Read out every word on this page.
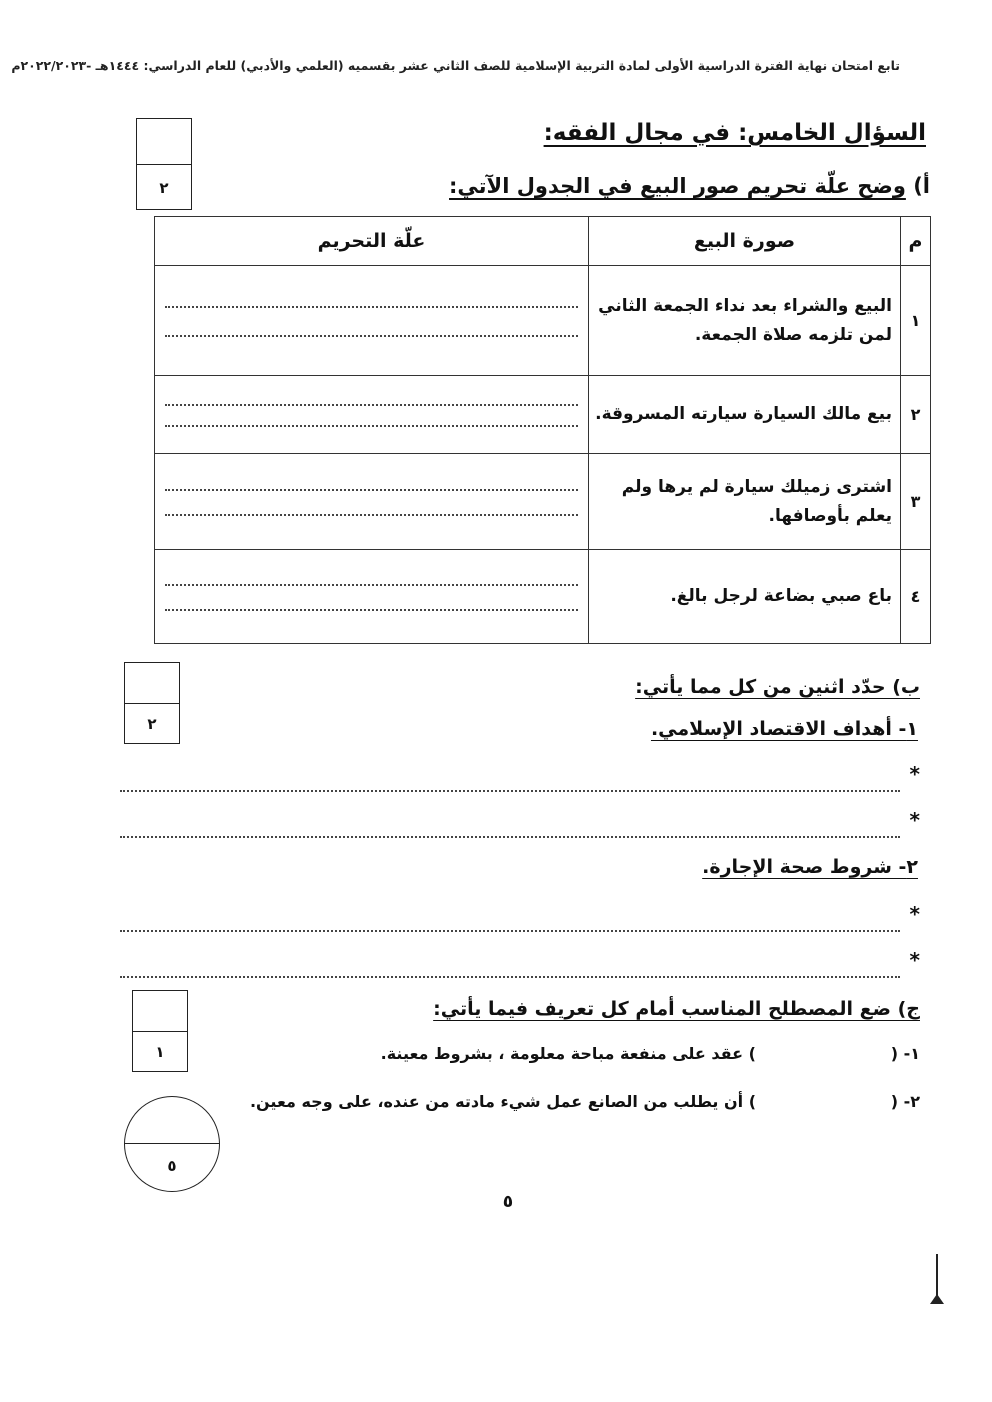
تابع امتحان نهاية الفترة الدراسية الأولى لمادة التربية الإسلامية للصف الثاني عشر بقسميه (العلمي والأدبي) للعام الدراسي: ١٤٤٤هـ -٢٠٢٢/٢٠٢٣م
السؤال الخامس: في مجال الفقه:
٢	أ) وضح علّة تحريم صور البيع في الجدول الآتي:
م	صورة البيع	علّة التحريم
١	البيع والشراء بعد نداء الجمعة الثاني لمن تلزمه صلاة الجمعة.	

٢	بيع مالك السيارة سيارته المسروقة.	

٣	اشترى زميلك سيارة لم يرها ولم يعلم بأوصافها.	

٤	باع صبي بضاعة لرجل بالغ.	
٢
ب) حدّد اثنين من كل مما يأتي:
١- أهداف الاقتصاد الإسلامي.
*
*
٢- شروط صحة الإجارة.
*
*
١
ج) ضع المصطلح المناسب أمام كل تعريف فيما يأتي:
١- (
) عقد على منفعة مباحة معلومة ، بشروط معينة.
٢- (
) أن يطلب من الصانع عمل شيء مادته من عنده، على وجه معين.
٥
٥
